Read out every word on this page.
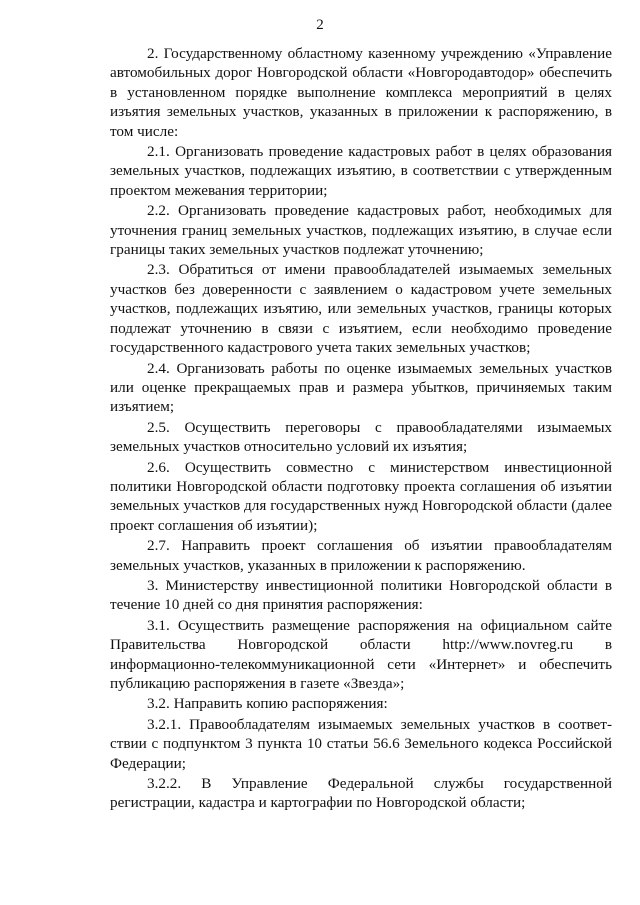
2

2. Государственному областному казенному учреждению «Управление автомобильных дорог Новгородской области «Новгородавтодор» обеспечить в установленном порядке выполнение комплекса мероприятий в целях изъятия земельных участков, указанных в приложении к распоряжению, в том числе:

2.1. Организовать проведение кадастровых работ в целях образования земельных участков, подлежащих изъятию, в соответствии с утвержденным проектом межевания территории;

2.2. Организовать проведение кадастровых работ, необходимых для уточнения границ земельных участков, подлежащих изъятию, в случае если границы таких земельных участков подлежат уточнению;

2.3. Обратиться от имени правообладателей изымаемых земельных участков без доверенности с заявлением о кадастровом учете земельных участков, подлежащих изъятию, или земельных участков, границы которых подлежат уточнению в связи с изъятием, если необходимо проведение государственного кадастрового учета таких земельных участков;

2.4. Организовать работы по оценке изымаемых земельных участков или оценке прекращаемых прав и размера убытков, причиняемых таким изъятием;

2.5. Осуществить переговоры с правообладателями изымаемых земельных участков относительно условий их изъятия;

2.6. Осуществить совместно с министерством инвестиционной политики Новгородской области подготовку проекта соглашения об изъятии земельных участков для государственных нужд Новгородской области (далее проект соглашения об изъятии);

2.7. Направить проект соглашения об изъятии правообладателям земельных участков, указанных в приложении к распоряжению.

3. Министерству инвестиционной политики Новгородской области в течение 10 дней со дня принятия распоряжения:

3.1. Осуществить размещение распоряжения на официальном сайте Правительства Новгородской области http://www.novreg.ru в информационно-телекоммуникационной сети «Интернет» и обеспечить публикацию распоряжения в газете «Звезда»;

3.2. Направить копию распоряжения:

3.2.1. Правообладателям изымаемых земельных участков в соответствии с подпунктом 3 пункта 10 статьи 56.6 Земельного кодекса Российской Федерации;

3.2.2. В Управление Федеральной службы государственной регистрации, кадастра и картографии по Новгородской области;
